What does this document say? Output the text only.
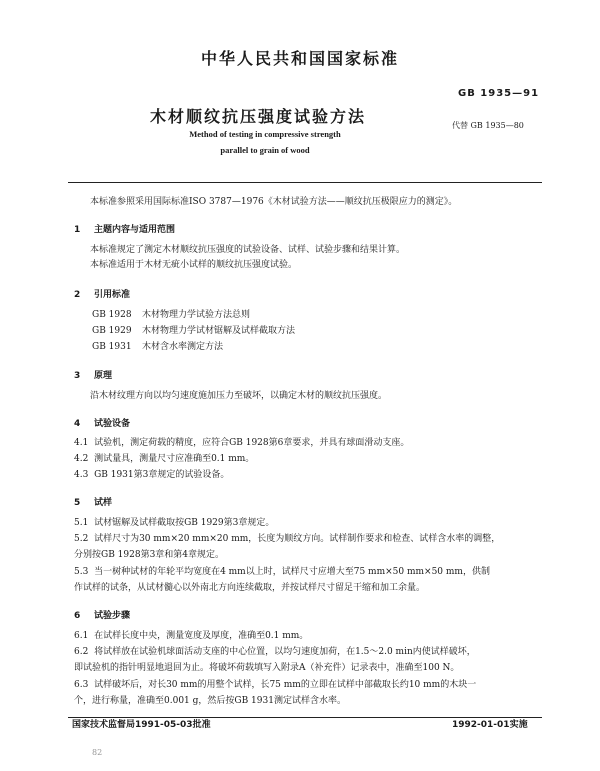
中华人民共和国国家标准
GB 1935—91
木材顺纹抗压强度试验方法	代替 GB 1935—80
Method of testing in compressive strength
parallel to grain of wood
本标准参照采用国际标准ISO 3787—1976《木材试验方法——顺纹抗压极限应力的测定》。
1 主题内容与适用范围
本标准规定了测定木材顺纹抗压强度的试验设备、试样、试验步骤和结果计算。
本标准适用于木材无疵小试样的顺纹抗压强度试验。
2 引用标准
GB 1928 木材物理力学试验方法总则
GB 1929 木材物理力学试材锯解及试样截取方法
GB 1931 木材含水率测定方法
3 原理
沿木材纹理方向以均匀速度施加压力至破坏，以确定木材的顺纹抗压强度。
4 试验设备
4.1 试验机，测定荷载的精度，应符合GB 1928第6章要求，并具有球面滑动支座。
4.2 测试量具，测量尺寸应准确至0.1 mm。
4.3 GB 1931第3章规定的试验设备。
5 试样
5.1 试材锯解及试样截取按GB 1929第3章规定。
5.2 试样尺寸为30 mm×20 mm×20 mm，长度为顺纹方向。试样制作要求和检查、试样含水率的调整，
分别按GB 1928第3章和第4章规定。
5.3 当一树种试材的年轮平均宽度在4 mm以上时，试样尺寸应增大至75 mm×50 mm×50 mm，供制
作试样的试条，从试材髓心以外南北方向连续截取，并按试样尺寸留足干缩和加工余量。
6 试验步骤
6.1 在试样长度中央，测量宽度及厚度，准确至0.1 mm。
6.2 将试样放在试验机球面活动支座的中心位置，以均匀速度加荷，在1.5～2.0 min内使试样破坏，
即试验机的指针明显地退回为止。将破坏荷载填写入附录A（补充件）记录表中，准确至100 N。
6.3 试样破坏后，对长30 mm的用整个试样，长75 mm的立即在试样中部截取长约10 mm的木块一
个，进行称量，准确至0.001 g，然后按GB 1931测定试样含水率。
国家技术监督局1991-05-03批准	1992-01-01实施
82
